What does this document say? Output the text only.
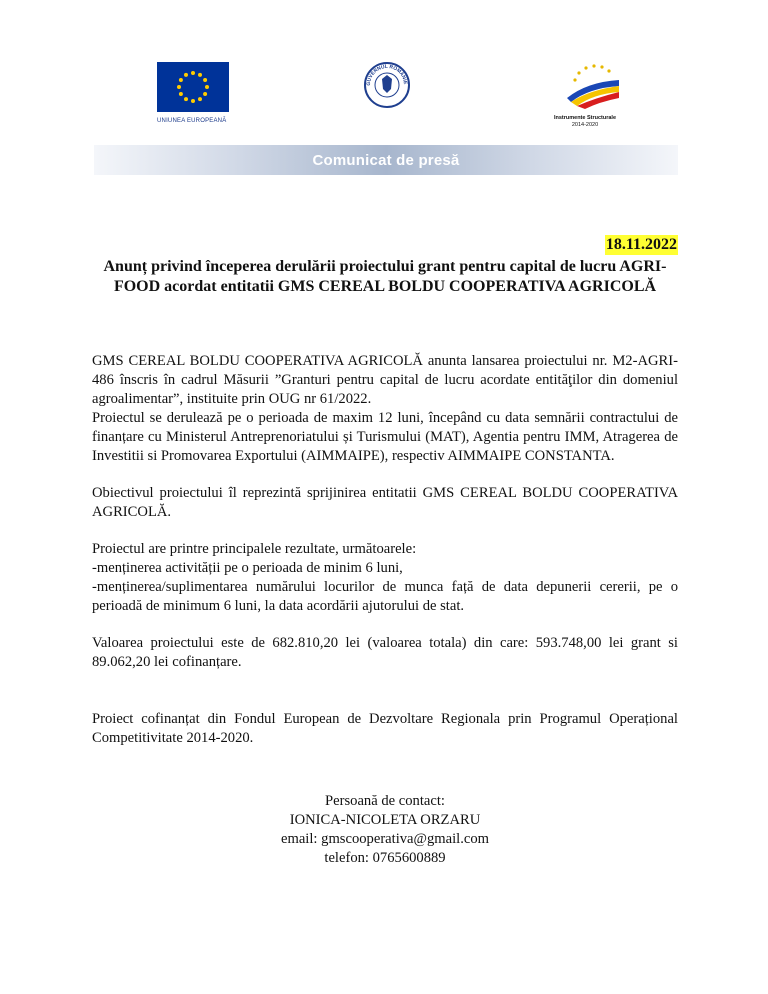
UNIUNEA EUROPEANĂ
GUVERNUL ROMÂNIE
Instrumente Structurale
2014-2020
Comunicat de presă
18.11.2022
Anunț privind începerea derulării proiectului grant pentru capital de lucru AGRI-FOOD acordat entitatii GMS CEREAL BOLDU COOPERATIVA AGRICOLĂ

GMS CEREAL BOLDU COOPERATIVA AGRICOLĂ anunta lansarea proiectului nr. M2-AGRI-486 înscris în cadrul Măsurii ”Granturi pentru capital de lucru acordate entităţilor din domeniul agroalimentar”, instituite prin OUG nr 61/2022.

Proiectul se derulează pe o perioada de maxim 12 luni, începând cu data semnării contractului de finanțare cu Ministerul Antreprenoriatului și Turismului (MAT), Agentia pentru IMM, Atragerea de Investitii si Promovarea Exportului (AIMMAIPE), respectiv AIMMAIPE CONSTANTA.

Obiectivul proiectului îl reprezintă sprijinirea entitatii GMS CEREAL BOLDU COOPERATIVA AGRICOLĂ.

Proiectul are printre principalele rezultate, următoarele:

-menținerea activității pe o perioada de minim 6 luni,

-menținerea/suplimentarea numărului locurilor de munca față de data depunerii cererii, pe o perioadă de minimum 6 luni, la data acordării ajutorului de stat.

Valoarea proiectului este de 682.810,20 lei (valoarea totala) din care: 593.748,00 lei grant si 89.062,20 lei cofinanțare.

Proiect cofinanțat din Fondul European de Dezvoltare Regionala prin Programul Operațional Competitivitate 2014-2020.

Persoană de contact:
IONICA-NICOLETA ORZARU
email: gmscooperativa@gmail.com
telefon: 0765600889
